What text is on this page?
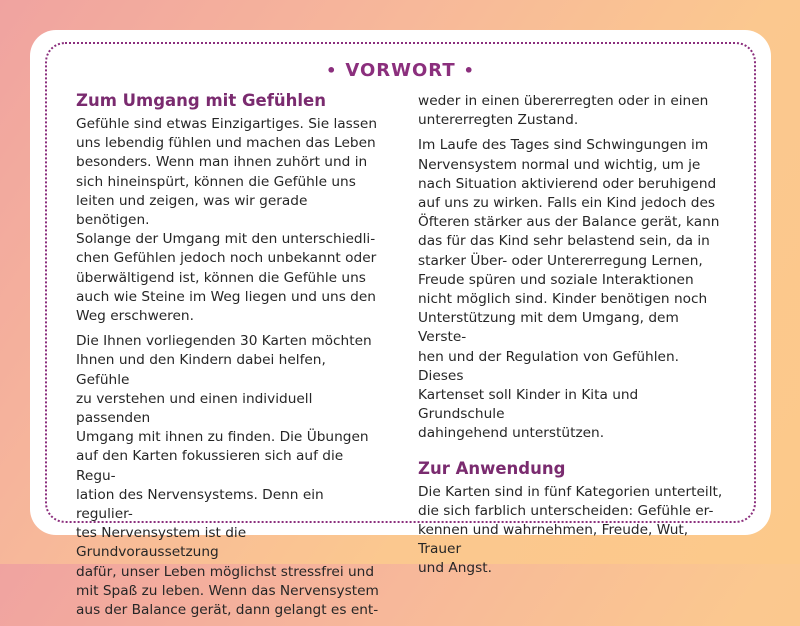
• VORWORT •
Zum Umgang mit Gefühlen

Gefühle sind etwas Einzigartiges. Sie lassen
uns lebendig fühlen und machen das Leben
besonders. Wenn man ihnen zuhört und in
sich hineinspürt, können die Gefühle uns
leiten und zeigen, was wir gerade benötigen.
Solange der Umgang mit den unterschiedli-
chen Gefühlen jedoch noch unbekannt oder
überwältigend ist, können die Gefühle uns
auch wie Steine im Weg liegen und uns den
Weg erschweren.

Die Ihnen vorliegenden 30 Karten möchten
Ihnen und den Kindern dabei helfen, Gefühle
zu verstehen und einen individuell passenden
Umgang mit ihnen zu finden. Die Übungen
auf den Karten fokussieren sich auf die Regu-
lation des Nervensystems. Denn ein regulier-
tes Nervensystem ist die Grundvoraussetzung
dafür, unser Leben möglichst stressfrei und
mit Spaß zu leben. Wenn das Nervensystem
aus der Balance gerät, dann gelangt es ent-

weder in einen übererregten oder in einen
untererregten Zustand.

Im Laufe des Tages sind Schwingungen im
Nervensystem normal und wichtig, um je
nach Situation aktivierend oder beruhigend
auf uns zu wirken. Falls ein Kind jedoch des
Öfteren stärker aus der Balance gerät, kann
das für das Kind sehr belastend sein, da in
starker Über- oder Untererregung Lernen,
Freude spüren und soziale Interaktionen
nicht möglich sind. Kinder benötigen noch
Unterstützung mit dem Umgang, dem Verste-
hen und der Regulation von Gefühlen. Dieses
Kartenset soll Kinder in Kita und Grundschule
dahingehend unterstützen.

Zur Anwendung

Die Karten sind in fünf Kategorien unterteilt,
die sich farblich unterscheiden: Gefühle er-
kennen und wahrnehmen, Freude, Wut, Trauer
und Angst.
